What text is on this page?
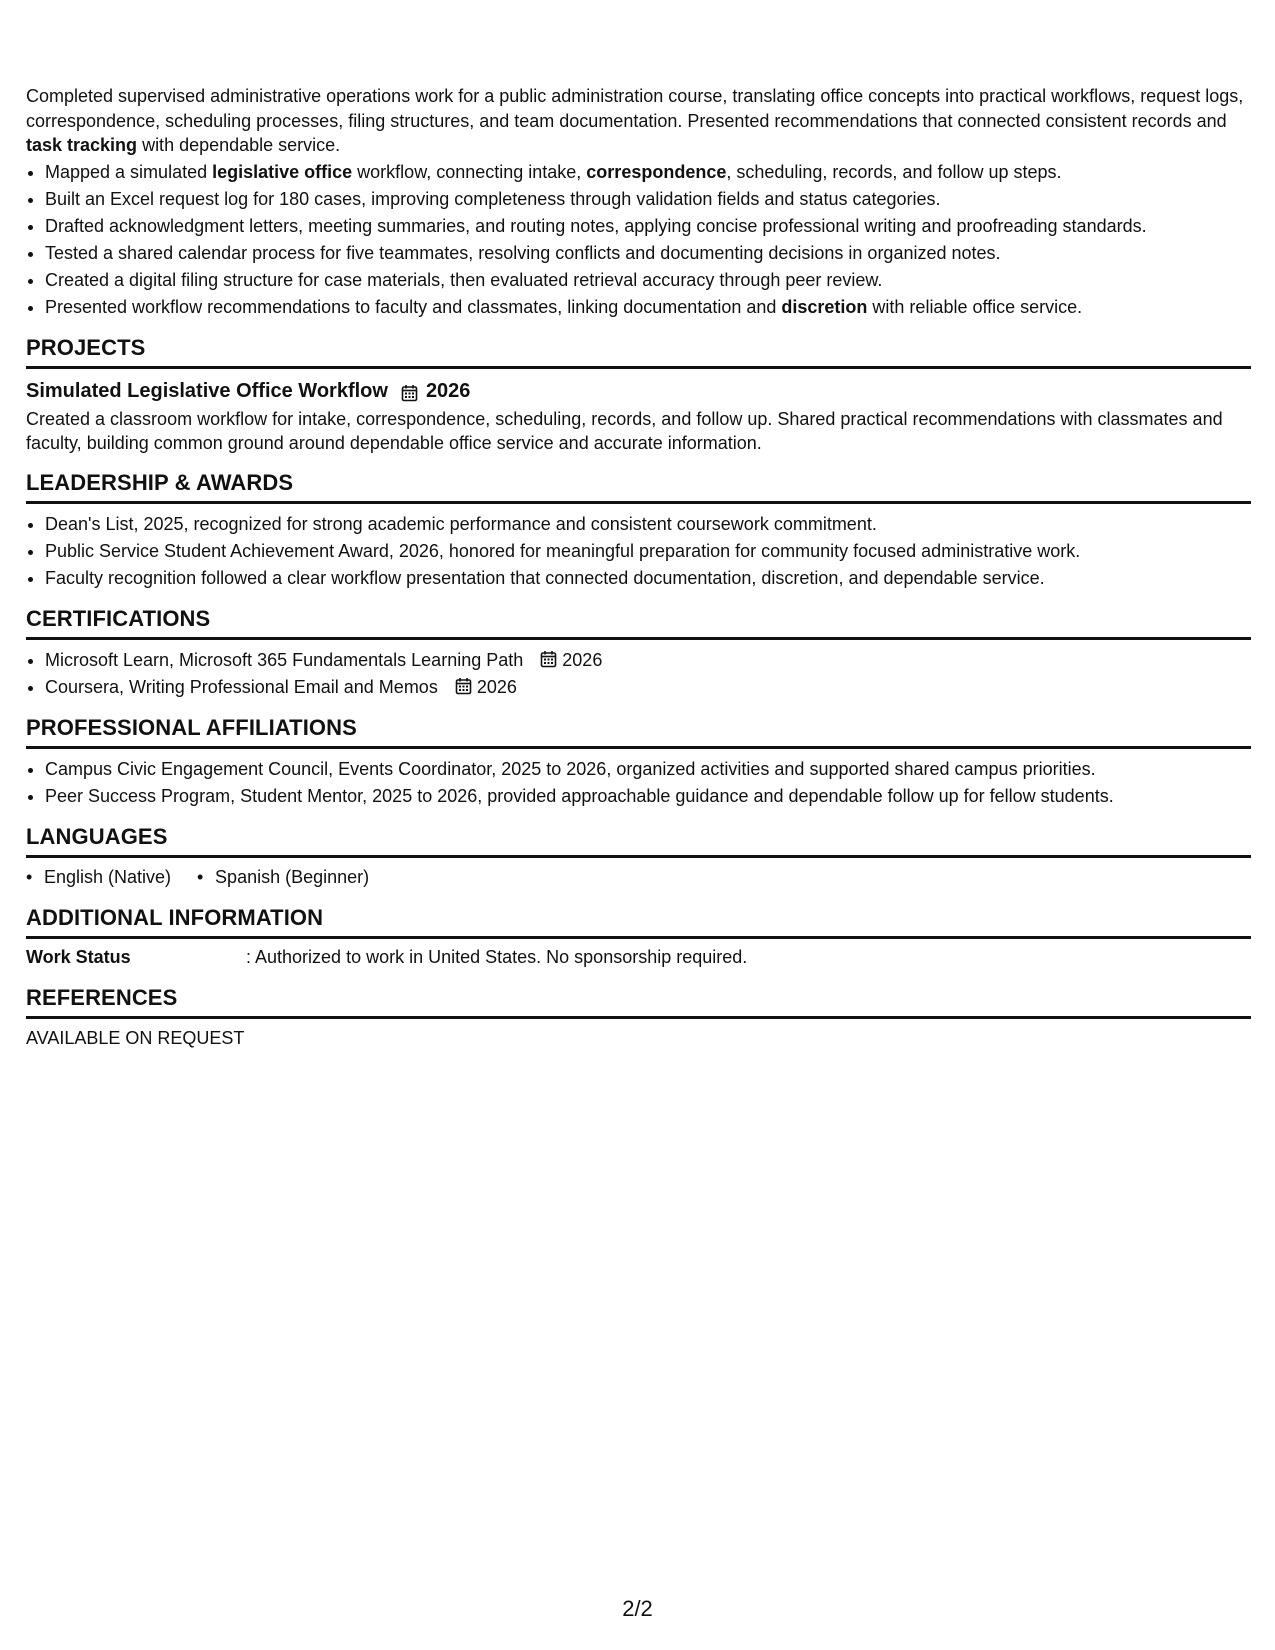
Completed supervised administrative operations work for a public administration course, translating office concepts into practical workflows, request logs, correspondence, scheduling processes, filing structures, and team documentation. Presented recommendations that connected consistent records and task tracking with dependable service.

• Mapped a simulated legislative office workflow, connecting intake, correspondence, scheduling, records, and follow up steps.
• Built an Excel request log for 180 cases, improving completeness through validation fields and status categories.
• Drafted acknowledgment letters, meeting summaries, and routing notes, applying concise professional writing and proofreading standards.
• Tested a shared calendar process for five teammates, resolving conflicts and documenting decisions in organized notes.
• Created a digital filing structure for case materials, then evaluated retrieval accuracy through peer review.
• Presented workflow recommendations to faculty and classmates, linking documentation and discretion with reliable office service.
PROJECTS
Simulated Legislative Office Workflow 2026
Created a classroom workflow for intake, correspondence, scheduling, records, and follow up. Shared practical recommendations with classmates and faculty, building common ground around dependable office service and accurate information.
LEADERSHIP & AWARDS
• Dean's List, 2025, recognized for strong academic performance and consistent coursework commitment.
• Public Service Student Achievement Award, 2026, honored for meaningful preparation for community focused administrative work.
• Faculty recognition followed a clear workflow presentation that connected documentation, discretion, and dependable service.
CERTIFICATIONS
• Microsoft Learn, Microsoft 365 Fundamentals Learning Path 2026
• Coursera, Writing Professional Email and Memos 2026
PROFESSIONAL AFFILIATIONS
• Campus Civic Engagement Council, Events Coordinator, 2025 to 2026, organized activities and supported shared campus priorities.
• Peer Success Program, Student Mentor, 2025 to 2026, provided approachable guidance and dependable follow up for fellow students.
LANGUAGES
• English (Native)
•	Spanish (Beginner)
ADDITIONAL INFORMATION
Work Status	: Authorized to work in United States. No sponsorship required.
REFERENCES
AVAILABLE ON REQUEST
2/2
